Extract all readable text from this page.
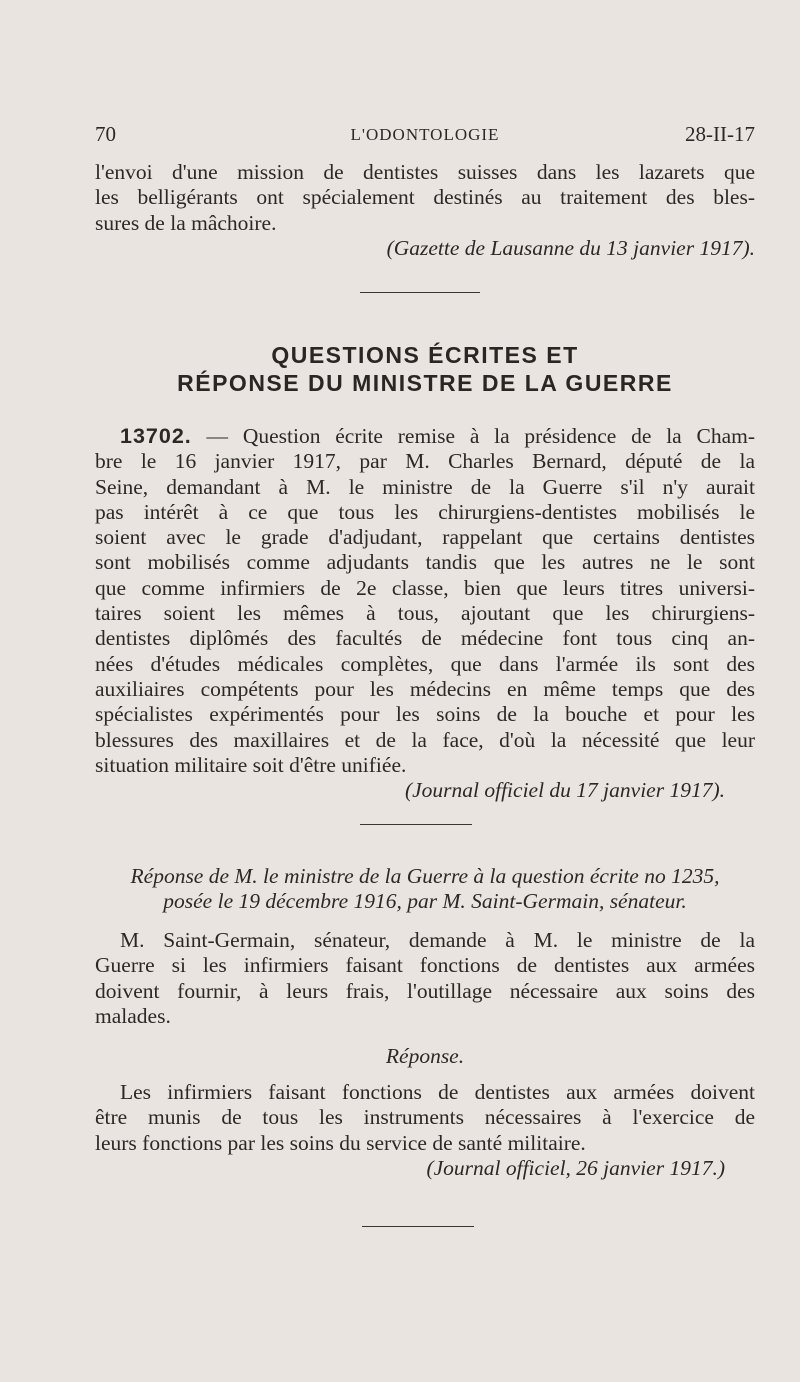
70	L'ODONTOLOGIE	28-II-17
l'envoi d'une mission de dentistes suisses dans les lazarets que
les belligérants ont spécialement destinés au traitement des bles-
sures de la mâchoire.
(Gazette de Lausanne du 13 janvier 1917).
QUESTIONS ÉCRITES ET
RÉPONSE DU MINISTRE DE LA GUERRE
13702. — Question écrite remise à la présidence de la Cham-
bre le 16 janvier 1917, par M. Charles Bernard, député de la
Seine, demandant à M. le ministre de la Guerre s'il n'y aurait
pas intérêt à ce que tous les chirurgiens-dentistes mobilisés le
soient avec le grade d'adjudant, rappelant que certains dentistes
sont mobilisés comme adjudants tandis que les autres ne le sont
que comme infirmiers de 2e classe, bien que leurs titres universi-
taires soient les mêmes à tous, ajoutant que les chirurgiens-
dentistes diplômés des facultés de médecine font tous cinq an-
nées d'études médicales complètes, que dans l'armée ils sont des
auxiliaires compétents pour les médecins en même temps que des
spécialistes expérimentés pour les soins de la bouche et pour les
blessures des maxillaires et de la face, d'où la nécessité que leur
situation militaire soit d'être unifiée.
(Journal officiel du 17 janvier 1917).
Réponse de M. le ministre de la Guerre à la question écrite no 1235,
posée le 19 décembre 1916, par M. Saint-Germain, sénateur.
M. Saint-Germain, sénateur, demande à M. le ministre de la
Guerre si les infirmiers faisant fonctions de dentistes aux armées
doivent fournir, à leurs frais, l'outillage nécessaire aux soins des
malades.
Réponse.
Les infirmiers faisant fonctions de dentistes aux armées doivent
être munis de tous les instruments nécessaires à l'exercice de
leurs fonctions par les soins du service de santé militaire.
(Journal officiel, 26 janvier 1917.)
